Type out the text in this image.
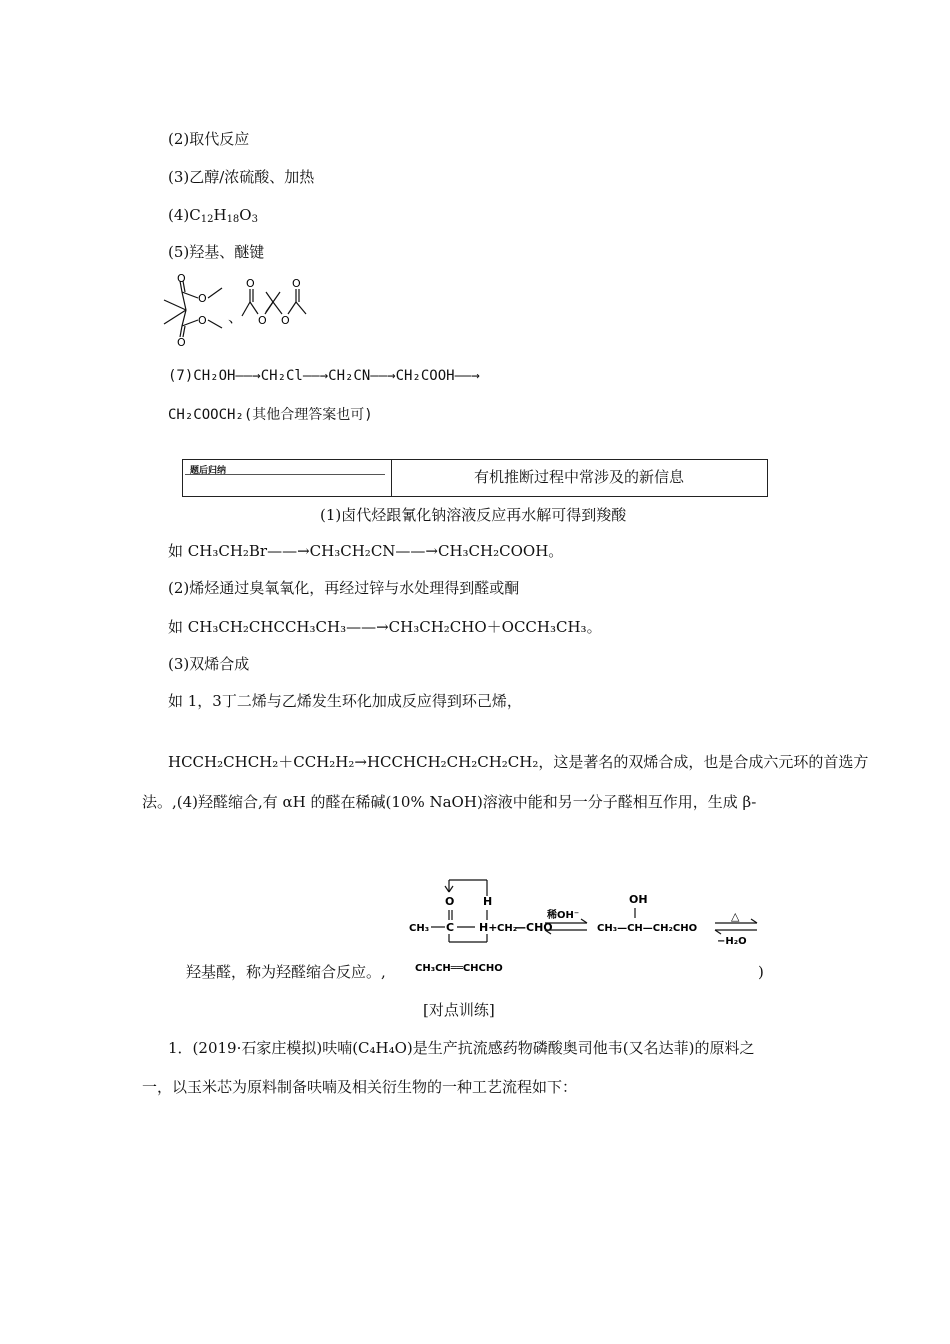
(2)取代反应
(3)乙醇/浓硫酸、加热
$(4)C_{12}H_{18}O_3$
(5)羟基、醚键
O
O
O
O
O
O O
O
、
(7)CH₂OH——→CH₂Cl——→CH₂CN——→CH₂COOH——→
CH₂COOCH₂(其他合理答案也可)
题后归纳	有机推断过程中常涉及的新信息
(1)卤代烃跟氰化钠溶液反应再水解可得到羧酸
如 CH₃CH₂Br——→CH₃CH₂CN——→CH₃CH₂COOH。
(2)烯烃通过臭氧氧化，再经过锌与水处理得到醛或酮
如 CH₃CH₂CHCCH₃CH₃——→CH₃CH₂CHO＋OCCH₃CH₃。
(3)双烯合成
如 1，3丁二烯与乙烯发生环化加成反应得到环己烯，
HCCH₂CHCH₂＋CCH₂H₂→HCCHCH₂CH₂CH₂CH₂，这是著名的双烯合成，也是合成六元环的首选方
法。,(4)羟醛缩合,有 αH 的醛在稀碱(10% NaOH)溶液中能和另一分子醛相互作用，生成 β-
O	H
CH₃ C H+ CH₂
—CHO
稀OH⁻
OH
CH₃—CH—CH₂CHO
△
−H₂O
CH₃CH══CHCHO
羟基醛，称为羟醛缩合反应。,	)
[对点训练]
1．(2019·石家庄模拟)呋喃(C₄H₄O)是生产抗流感药物磷酸奥司他韦(又名达菲)的原料之
一，以玉米芯为原料制备呋喃及相关衍生物的一种工艺流程如下：
